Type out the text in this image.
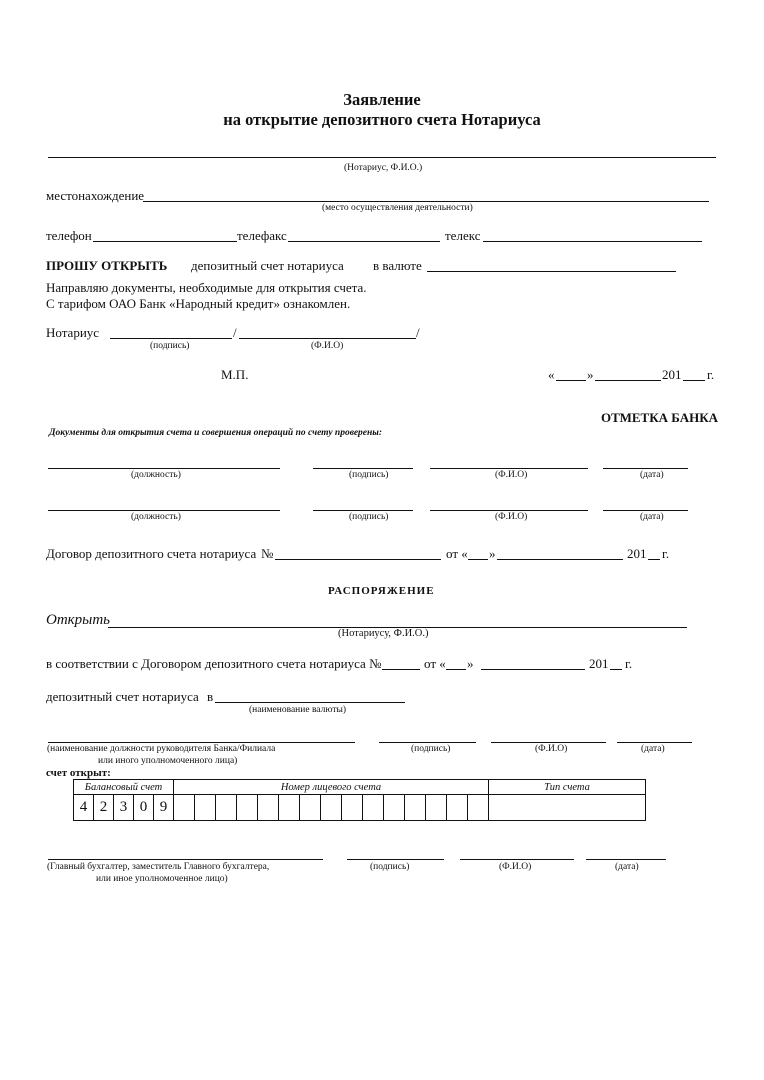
Заявление
на открытие депозитного счета Нотариуса
(Нотариус, Ф.И.О.)
местонахождение
(место осуществления деятельности)
телефон	телефакс	телекс
ПРОШУ ОТКРЫТЬ депозитный счет нотариуса в валюте
Направляю документы, необходимые для открытия счета.
С тарифом ОАО Банк «Народный кредит» ознакомлен.
Нотариус	/	/
(подпись)	(Ф.И.О)
М.П.	«	»	201 г.
ОТМЕТКА БАНКА
Документы для открытия счета и совершения операций по счету проверены:
(должность)	(подпись)	(Ф.И.О)	(дата)
(должность)	(подпись)	(Ф.И.О)	(дата)
Договор депозитного счета нотариуса №	от « »	201 г.
РАСПОРЯЖЕНИЕ
Открыть
(Нотариусу, Ф.И.О.)
в соответствии с Договором депозитного счета нотариуса №	от « »	201 г.
депозитный счет нотариуса в
(наименование валюты)
(наименование должности руководителя Банка/Филиала
или иного уполномоченного лица)
(подпись)	(Ф.И.О)	(дата)
счет открыт:
Балансовый счет					Номер лицевого счета															Тип счета
4	2	3	0	9																
(Главный бухгалтер, заместитель Главного бухгалтера,
или иное уполномоченное лицо)
(подпись)	(Ф.И.О)	(дата)
